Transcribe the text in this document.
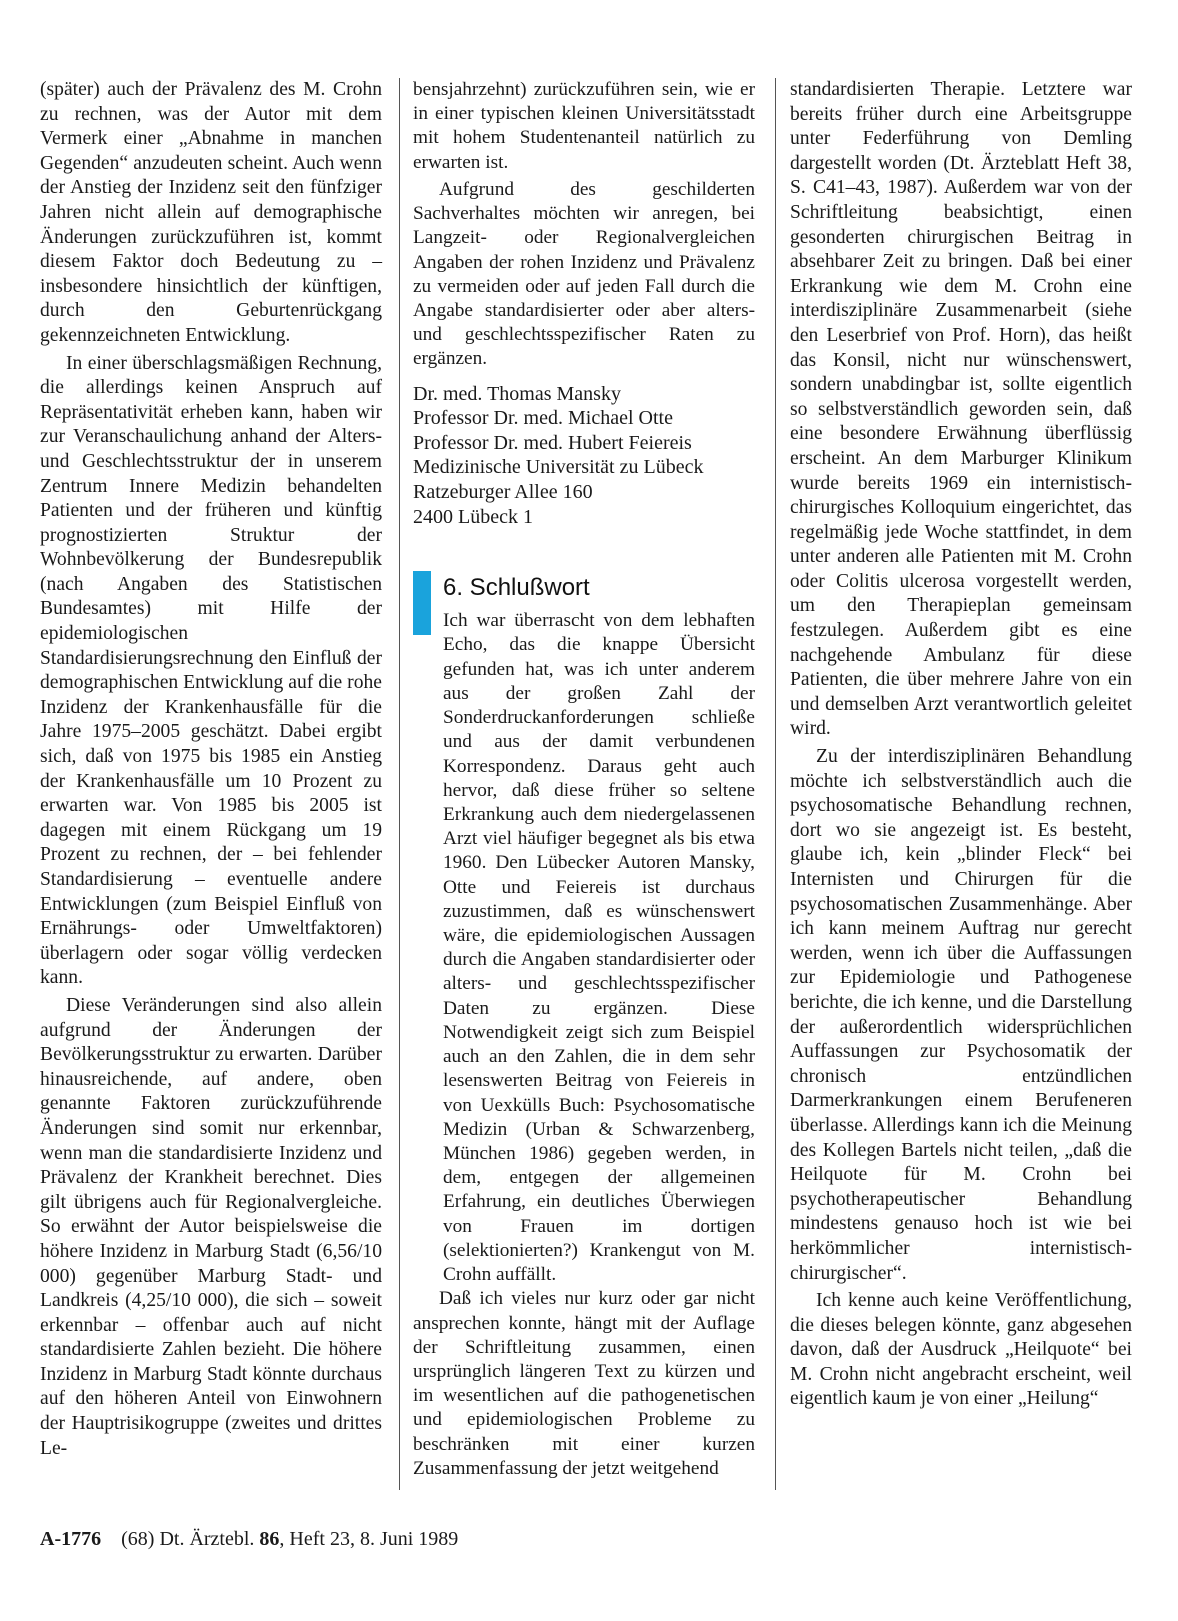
(später) auch der Prävalenz des M. Crohn zu rechnen, was der Autor mit dem Vermerk einer „Abnahme in manchen Gegenden“ anzudeuten scheint. Auch wenn der Anstieg der Inzidenz seit den fünfziger Jahren nicht allein auf demographische Änderungen zurückzuführen ist, kommt diesem Faktor doch Bedeutung zu – insbesondere hinsichtlich der künftigen, durch den Geburtenrückgang gekennzeichneten Entwicklung.

In einer überschlagsmäßigen Rechnung, die allerdings keinen Anspruch auf Repräsentativität erheben kann, haben wir zur Veranschaulichung anhand der Alters- und Geschlechtsstruktur der in unserem Zentrum Innere Medizin behandelten Patienten und der früheren und künftig prognostizierten Struktur der Wohnbevölkerung der Bundesrepublik (nach Angaben des Statistischen Bundesamtes) mit Hilfe der epidemiologischen Standardisierungsrechnung den Einfluß der demographischen Entwicklung auf die rohe Inzidenz der Krankenhausfälle für die Jahre 1975–2005 geschätzt. Dabei ergibt sich, daß von 1975 bis 1985 ein Anstieg der Krankenhausfälle um 10 Prozent zu erwarten war. Von 1985 bis 2005 ist dagegen mit einem Rückgang um 19 Prozent zu rechnen, der – bei fehlender Standardisierung – eventuelle andere Entwicklungen (zum Beispiel Einfluß von Ernährungs- oder Umweltfaktoren) überlagern oder sogar völlig verdecken kann.

Diese Veränderungen sind also allein aufgrund der Änderungen der Bevölkerungsstruktur zu erwarten. Darüber hinausreichende, auf andere, oben genannte Faktoren zurückzuführende Änderungen sind somit nur erkennbar, wenn man die standardisierte Inzidenz und Prävalenz der Krankheit berechnet. Dies gilt übrigens auch für Regionalvergleiche. So erwähnt der Autor beispielsweise die höhere Inzidenz in Marburg Stadt (6,56/10 000) gegenüber Marburg Stadt- und Landkreis (4,25/10 000), die sich – soweit erkennbar – offenbar auch auf nicht standardisierte Zahlen bezieht. Die höhere Inzidenz in Marburg Stadt könnte durchaus auf den höheren Anteil von Einwohnern der Hauptrisikogruppe (zweites und drittes Le-

bensjahrzehnt) zurückzuführen sein, wie er in einer typischen kleinen Universitätsstadt mit hohem Studentenanteil natürlich zu erwarten ist.

Aufgrund des geschilderten Sachverhaltes möchten wir anregen, bei Langzeit- oder Regionalvergleichen Angaben der rohen Inzidenz und Prävalenz zu vermeiden oder auf jeden Fall durch die Angabe standardisierter oder aber alters- und geschlechtsspezifischer Raten zu ergänzen.

Dr. med. Thomas Mansky
Professor Dr. med. Michael Otte
Professor Dr. med. Hubert Feiereis
Medizinische Universität zu Lübeck
Ratzeburger Allee 160
2400 Lübeck 1
6. Schlußwort

Ich war überrascht von dem lebhaften Echo, das die knappe Übersicht gefunden hat, was ich unter anderem aus der großen Zahl der Sonderdruckanforderungen schließe und aus der damit verbundenen Korrespondenz. Daraus geht auch hervor, daß diese früher so seltene Erkrankung auch dem niedergelassenen Arzt viel häufiger begegnet als bis etwa 1960. Den Lübecker Autoren Mansky, Otte und Feiereis ist durchaus zuzustimmen, daß es wünschenswert wäre, die epidemiologischen Aussagen durch die Angaben standardisierter oder alters- und geschlechtsspezifischer Daten zu ergänzen. Diese Notwendigkeit zeigt sich zum Beispiel auch an den Zahlen, die in dem sehr lesenswerten Beitrag von Feiereis in von Uexkülls Buch: Psychosomatische Medizin (Urban & Schwarzenberg, München 1986) gegeben werden, in dem, entgegen der allgemeinen Erfahrung, ein deutliches Überwiegen von Frauen im dortigen (selektionierten?) Krankengut von M. Crohn auffällt.

Daß ich vieles nur kurz oder gar nicht ansprechen konnte, hängt mit der Auflage der Schriftleitung zusammen, einen ursprünglich längeren Text zu kürzen und im wesentlichen auf die pathogenetischen und epidemiologischen Probleme zu beschränken mit einer kurzen Zusammenfassung der jetzt weitgehend

standardisierten Therapie. Letztere war bereits früher durch eine Arbeitsgruppe unter Federführung von Demling dargestellt worden (Dt. Ärzteblatt Heft 38, S. C41–43, 1987). Außerdem war von der Schriftleitung beabsichtigt, einen gesonderten chirurgischen Beitrag in absehbarer Zeit zu bringen. Daß bei einer Erkrankung wie dem M. Crohn eine interdisziplinäre Zusammenarbeit (siehe den Leserbrief von Prof. Horn), das heißt das Konsil, nicht nur wünschenswert, sondern unabdingbar ist, sollte eigentlich so selbstverständlich geworden sein, daß eine besondere Erwähnung überflüssig erscheint. An dem Marburger Klinikum wurde bereits 1969 ein internistisch-chirurgisches Kolloquium eingerichtet, das regelmäßig jede Woche stattfindet, in dem unter anderen alle Patienten mit M. Crohn oder Colitis ulcerosa vorgestellt werden, um den Therapieplan gemeinsam festzulegen. Außerdem gibt es eine nachgehende Ambulanz für diese Patienten, die über mehrere Jahre von ein und demselben Arzt verantwortlich geleitet wird.

Zu der interdisziplinären Behandlung möchte ich selbstverständlich auch die psychosomatische Behandlung rechnen, dort wo sie angezeigt ist. Es besteht, glaube ich, kein „blinder Fleck“ bei Internisten und Chirurgen für die psychosomatischen Zusammenhänge. Aber ich kann meinem Auftrag nur gerecht werden, wenn ich über die Auffassungen zur Epidemiologie und Pathogenese berichte, die ich kenne, und die Darstellung der außerordentlich widersprüchlichen Auffassungen zur Psychosomatik der chronisch entzündlichen Darmerkrankungen einem Berufeneren überlasse. Allerdings kann ich die Meinung des Kollegen Bartels nicht teilen, „daß die Heilquote für M. Crohn bei psychotherapeutischer Behandlung mindestens genauso hoch ist wie bei herkömmlicher internistisch-chirurgischer“.

Ich kenne auch keine Veröffentlichung, die dieses belegen könnte, ganz abgesehen davon, daß der Ausdruck „Heilquote“ bei M. Crohn nicht angebracht erscheint, weil eigentlich kaum je von einer „Heilung“

A-1776 (68) Dt. Ärztebl. 86, Heft 23, 8. Juni 1989
